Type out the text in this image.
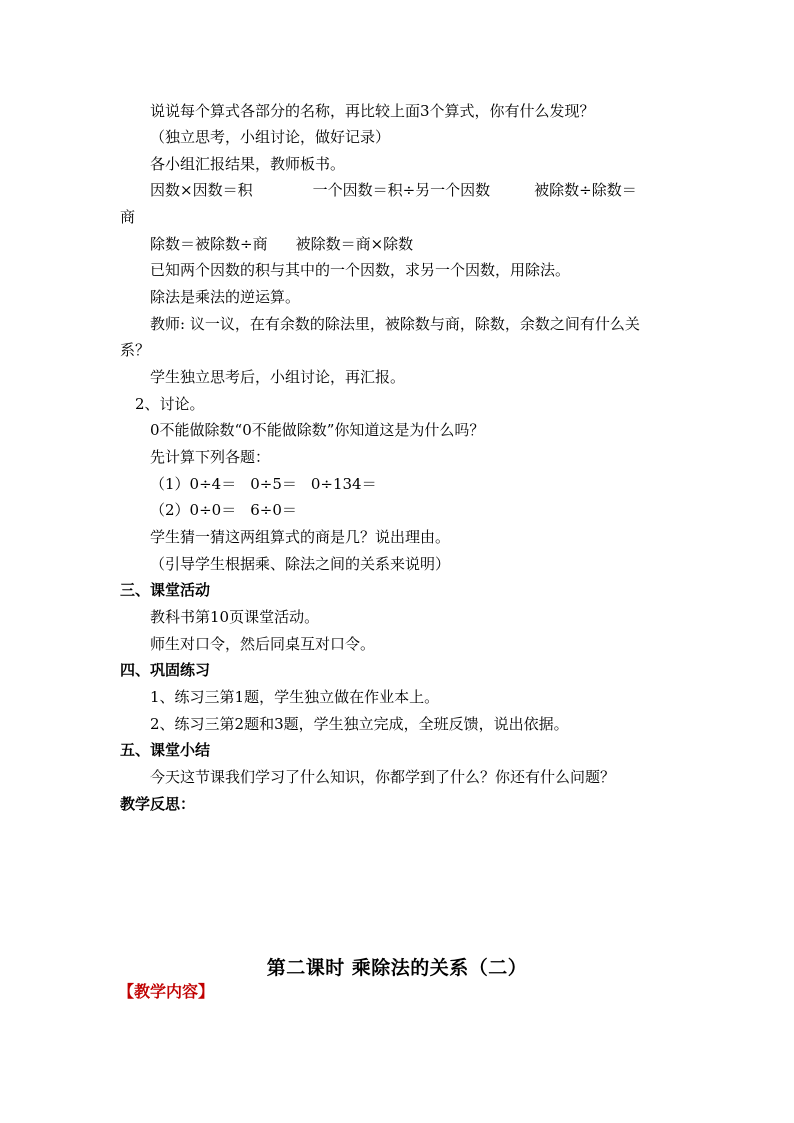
说说每个算式各部分的名称，再比较上面3个算式，你有什么发现？
（独立思考，小组讨论，做好记录）
各小组汇报结果，教师板书。
因数×因数＝积	一个因数＝积÷另一个因数	被除数÷除数＝
商
除数＝被除数÷商 被除数＝商×除数
已知两个因数的积与其中的一个因数，求另一个因数，用除法。
除法是乘法的逆运算。
教师: 议一议，在有余数的除法里，被除数与商，除数，余数之间有什么关
系？
学生独立思考后，小组讨论，再汇报。
2、讨论。
0不能做除数“0不能做除数”你知道这是为什么吗？
先计算下列各题：
（1）0÷4＝ 0÷5＝ 0÷134＝
（2）0÷0＝ 6÷0＝
学生猜一猜这两组算式的商是几？说出理由。
（引导学生根据乘、除法之间的关系来说明）
三、课堂活动
教科书第10页课堂活动。
师生对口令，然后同桌互对口令。
四、巩固练习
1、练习三第1题，学生独立做在作业本上。
2、练习三第2题和3题，学生独立完成，全班反馈，说出依据。
五、课堂小结
今天这节课我们学习了什么知识，你都学到了什么？你还有什么问题？
教学反思：
第二课时 乘除法的关系（二）
【教学内容】
